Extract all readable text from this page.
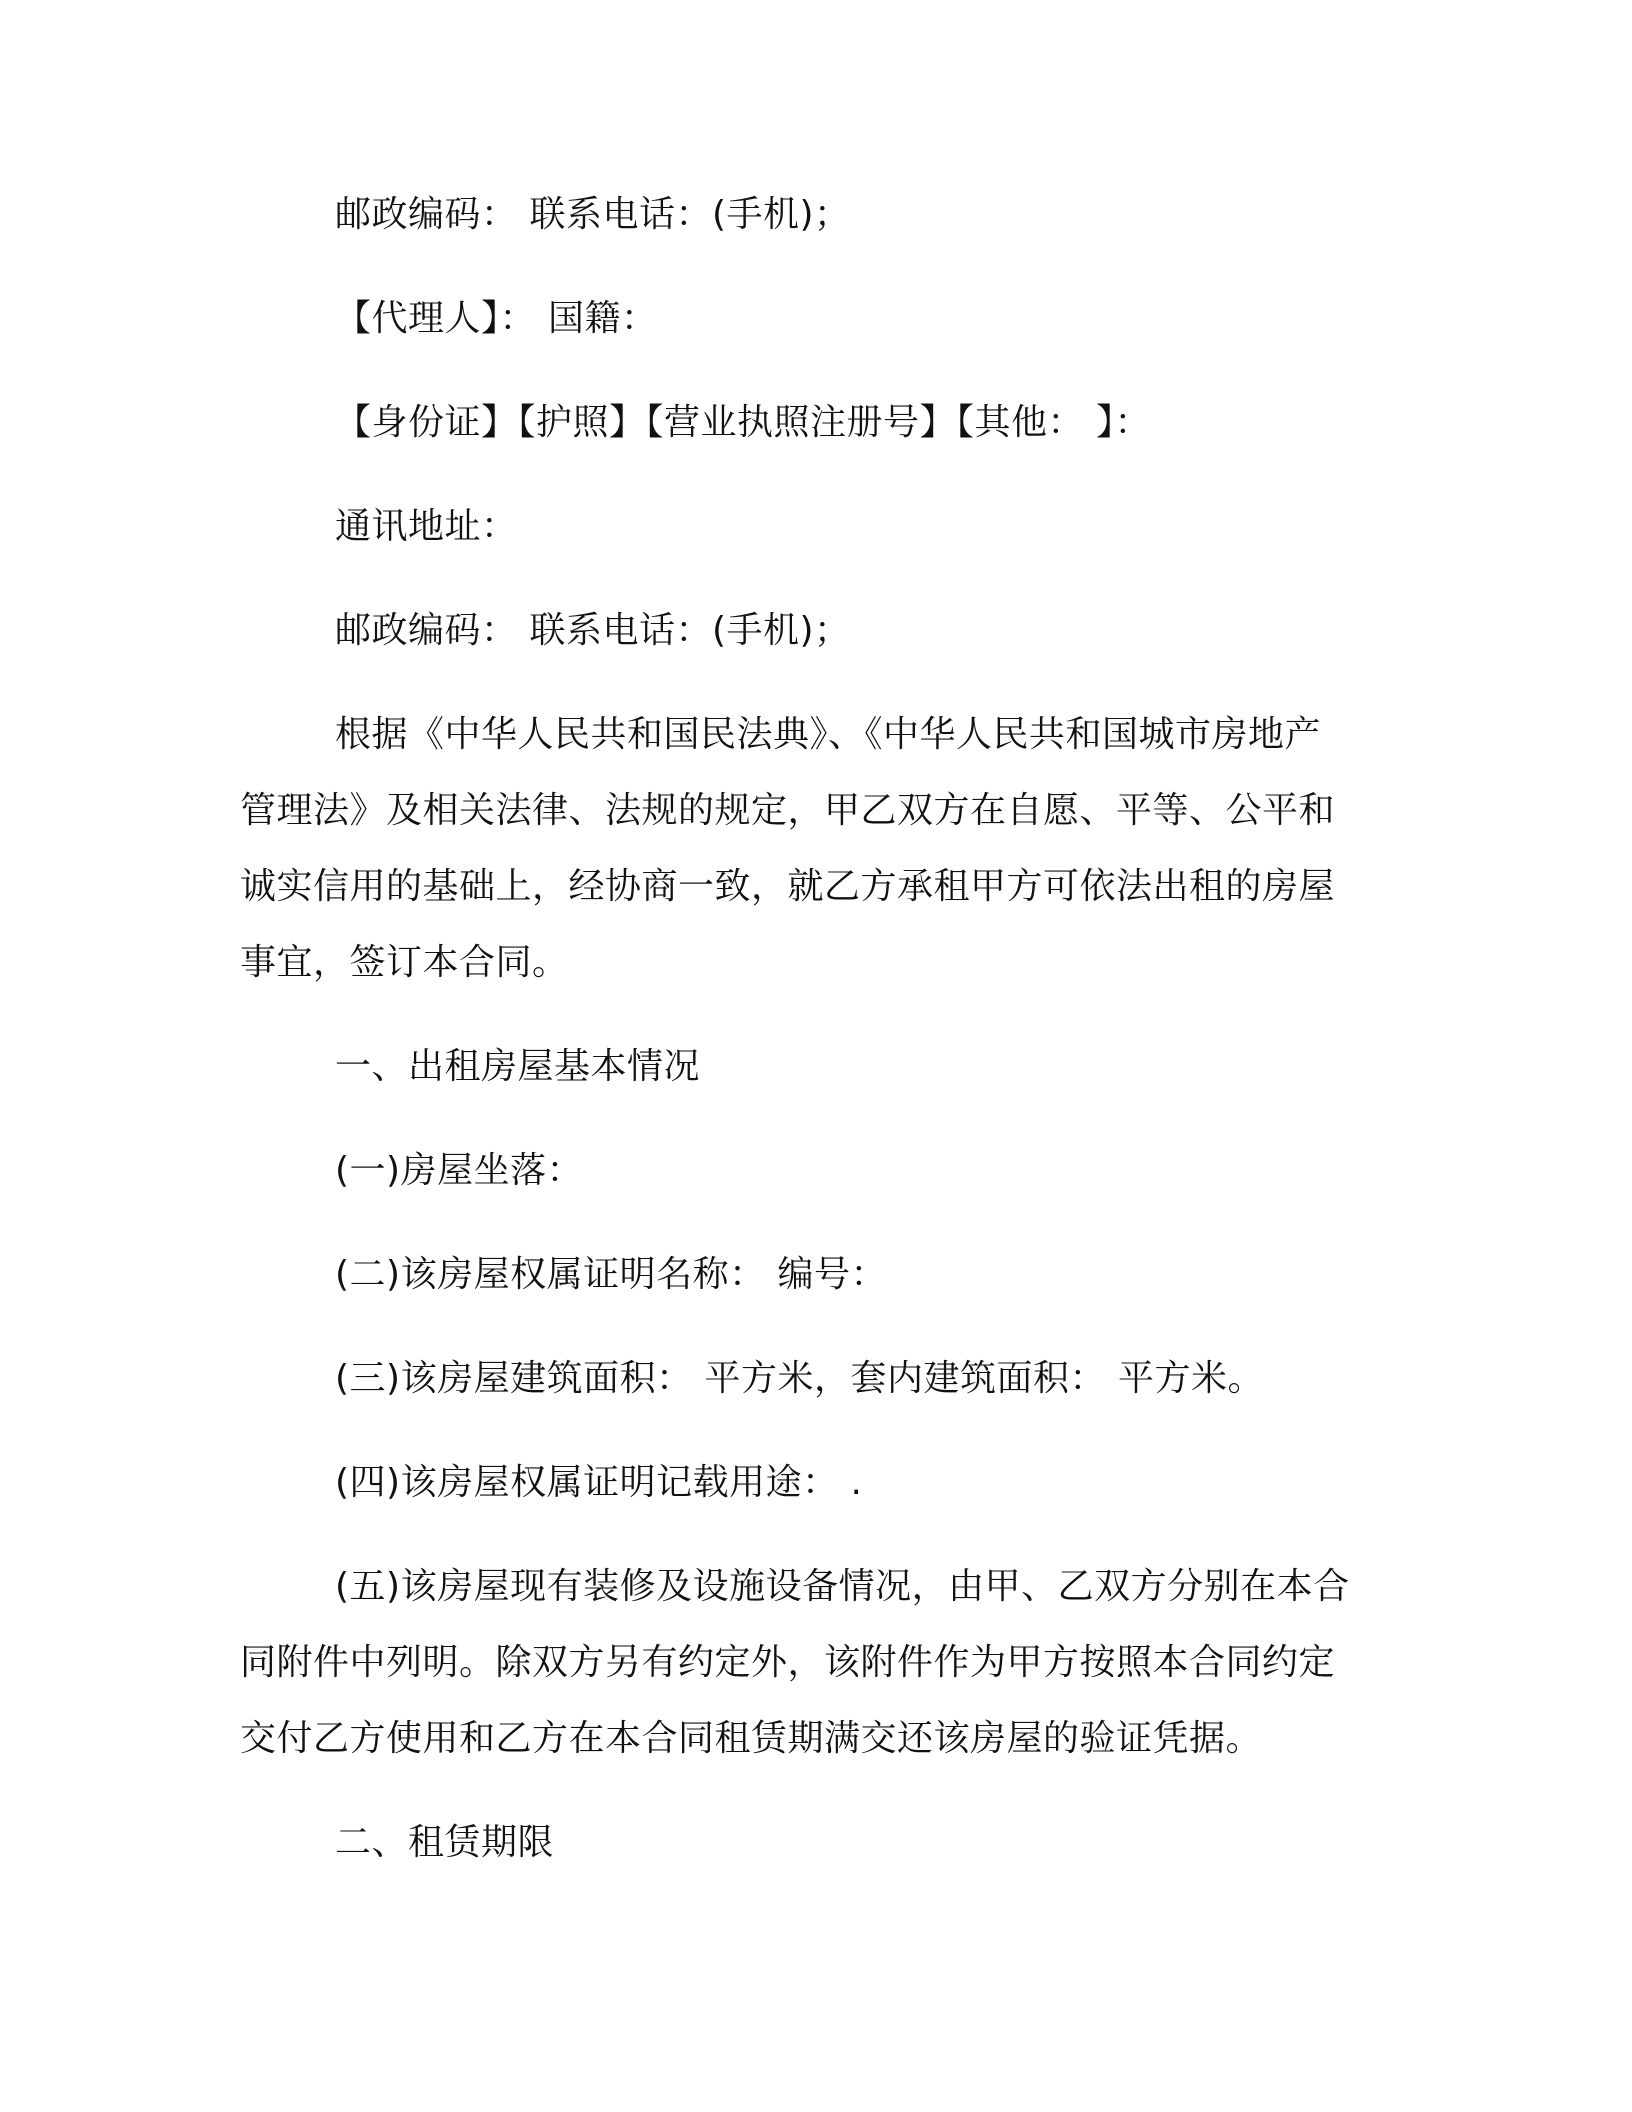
邮政编码： 联系电话：(手机)；
【代理人】： 国籍：
【身份证】【护照】【营业执照注册号】【其他： 】：
通讯地址：
邮政编码： 联系电话：(手机)；
根据《中华人民共和国民法典》、《中华人民共和国城市房地产
管理法》及相关法律、法规的规定，甲乙双方在自愿、平等、公平和
诚实信用的基础上，经协商一致，就乙方承租甲方可依法出租的房屋
事宜，签订本合同。
一、出租房屋基本情况
(一)房屋坐落：
(二)该房屋权属证明名称： 编号：
(三)该房屋建筑面积： 平方米，套内建筑面积： 平方米。
(四)该房屋权属证明记载用途： .
(五)该房屋现有装修及设施设备情况，由甲、乙双方分别在本合
同附件中列明。除双方另有约定外，该附件作为甲方按照本合同约定
交付乙方使用和乙方在本合同租赁期满交还该房屋的验证凭据。
二、租赁期限
